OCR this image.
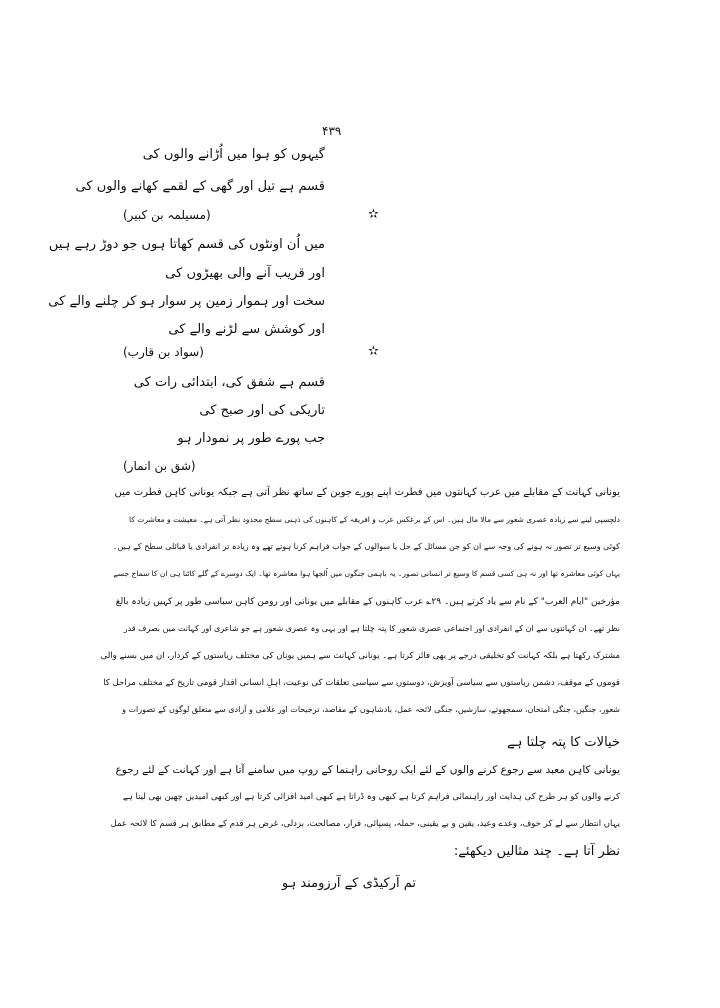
۴۳۹
گیہوں کو ہوا میں اُڑانے والوں کی
قسم ہے تیل اور گھی کے لقمے کھانے والوں کی
(مسیلمہ بن کبیر)	✫
میں اُن اونٹوں کی قسم کھاتا ہوں جو دوڑ رہے ہیں
اور قریب آنے والی بھیڑوں کی
سخت اور ہموار زمین پر سوار ہو کر چلنے والے کی
اور کوشش سے لڑنے والے کی
(سواد بن قارب)	✫
قسم ہے شفق کی، ابتدائی رات کی
تاریکی کی اور صبح کی
جب پورے طور پر نمودار ہو
(شق بن انمار)
یونانی کہانت کے مقابلے میں عرب کہانتوں میں فطرت اپنے پورے جوبن کے ساتھ نظر آتی ہے جبکہ یونانی کاہن فطرت میں
دلچسپی لینے سے زیادہ عصری شعور سے مالا مال ہیں۔ اس کے برعکس عرب و افریقہ کے کاہنوں کی ذہنی سطح محدود نظر آتی ہے۔ معیشت و معاشرت کا
کوئی وسیع تر تصور نہ ہونے کی وجہ سے ان کو جن مسائل کے حل یا سوالوں کے جواب فراہم کرنا ہوتے تھے وہ زیادہ تر انفرادی یا قبائلی سطح کے ہیں۔
یہاں کوئی معاشرہ تھا اور نہ ہی کسی قسم کا وسیع تر انسانی تصور۔ یہ باہمی جنگوں میں اُلجھا ہوا معاشرہ تھا۔ ایک دوسرے کے گلے کاٹنا ہی ان کا سماج جسے
مؤرخین "ایام العرب" کے نام سے یاد کرتے ہیں۔ ۲۹؎ عرب کاہنوں کے مقابلے میں یونانی اور رومن کاہن سیاسی طور پر کہیں زیادہ بالغ
نظر تھے۔ ان کہانتوں سے ان کے انفرادی اور اجتماعی عصری شعور کا پتہ چلتا ہے اور یہی وہ عصری شعور ہے جو شاعری اور کہانت میں بصرف قدر
مشترک رکھتا ہے بلکہ کہانت کو تخلیقی درجے پر بھی فائز کرتا ہے۔ یونانی کہانت سے ہمیں یونان کی مختلف ریاستوں کے کردار، ان میں بسنے والی
قوموں کے موقف، دشمن ریاستوں سے سیاسی آویزش، دوستوں سے سیاسی تعلقات کی نوعیت، اہلِ انسانی اقدار قومی تاریخ کے مختلف مراحل کا
شعور، جنگیں، جنگی امتحان، سمجھوتے، سازشیں، جنگی لائحہ عمل، بادشاہوں کے مقاصد، ترجیحات اور غلامی و آزادی سے متعلق لوگوں کے تصورات و
خیالات کا پتہ چلتا ہے
یونانی کاہن معبد سے رجوع کرنے والوں کے لئے ایک روحانی راہنما کے روپ میں سامنے آتا ہے اور کہانت کے لئے رجوع
کرنے والوں کو ہر طرح کی ہدایت اور راہنمائی فراہم کرتا ہے کبھی وہ ڈراتا ہے کبھی امید افزائی کرتا ہے اور کبھی امیدیں چھین بھی لیتا ہے
یہاں انتظار سے لے کر خوف، وعدے وعید، یقین و بے یقینی، حملہ، پسپائی، فرار، مصالحت، بزدلی، غرض ہر قدم کے مطابق ہر قسم کا لائحہ عمل
نظر آتا ہے۔ چند مثالیں دیکھئے:
تم آرکیڈی کے آرزومند ہو
